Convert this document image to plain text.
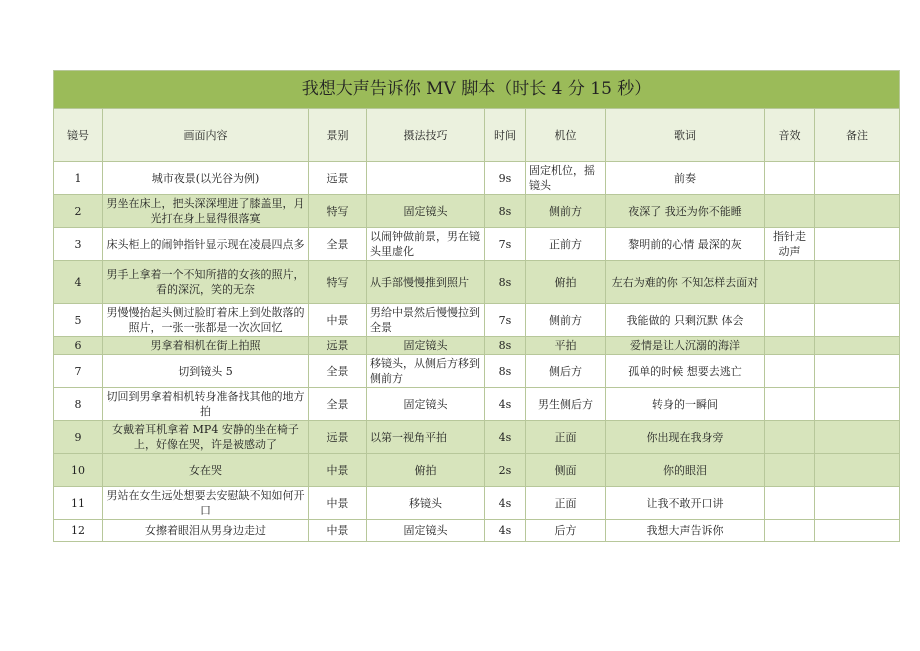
我想大声告诉你 MV 脚本（时长 4 分 15 秒）								
镜号	画面内容	景别	摄法技巧	时间	机位	歌词	音效	备注
1	城市夜景(以光谷为例)	远景		9s	固定机位，摇镜头	前奏		
2	男坐在床上，把头深深埋进了膝盖里，月光打在身上显得很落寞	特写	固定镜头	8s	侧前方	夜深了 我还为你不能睡		
3	床头柜上的闹钟指针显示现在凌晨四点多	全景	以闹钟做前景，男在镜头里虚化	7s	正前方	黎明前的心情 最深的灰	指针走动声	
4	男手上拿着一个不知所措的女孩的照片，看的深沉，笑的无奈	特写	从手部慢慢推到照片	8s	俯拍	左右为难的你 不知怎样去面对		
5	男慢慢抬起头侧过脸盯着床上到处散落的照片，一张一张都是一次次回忆	中景	男给中景然后慢慢拉到全景	7s	侧前方	我能做的 只剩沉默 体会		
6	男拿着相机在街上拍照	远景	固定镜头	8s	平拍	爱情是让人沉溺的海洋		
7	切到镜头 5	全景	移镜头，从侧后方移到侧前方	8s	侧后方	孤单的时候 想要去逃亡		
8	切回到男拿着相机转身准备找其他的地方拍	全景	固定镜头	4s	男生侧后方	转身的一瞬间		
9	女戴着耳机拿着 MP4 安静的坐在椅子上，好像在哭，许是被感动了	远景	以第一视角平拍	4s	正面	你出现在我身旁		
10	女在哭	中景	俯拍	2s	侧面	你的眼泪		
11	男站在女生远处想要去安慰缺不知如何开口	中景	移镜头	4s	正面	让我不敢开口讲		
12	女擦着眼泪从男身边走过	中景	固定镜头	4s	后方	我想大声告诉你		
